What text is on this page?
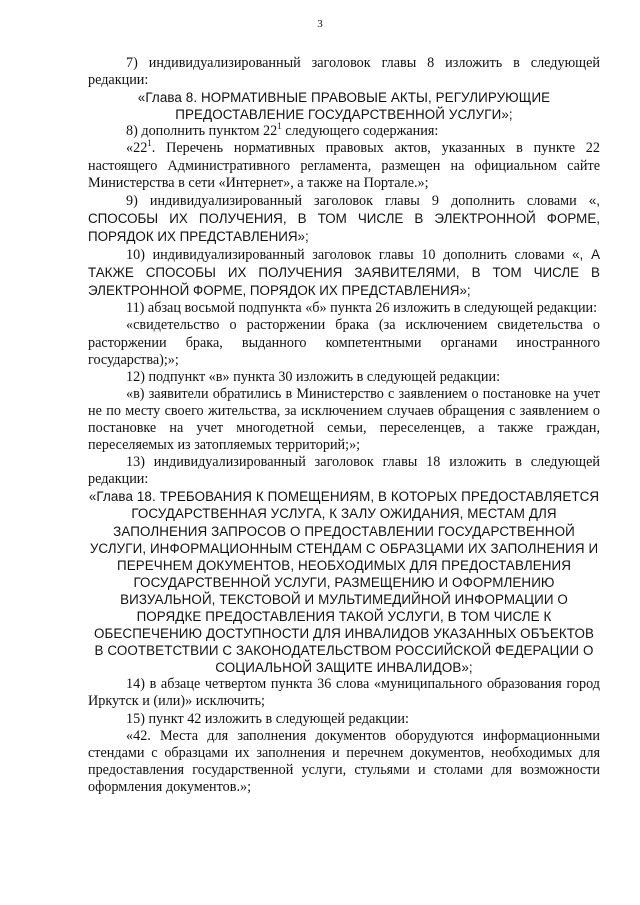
3

7) индивидуализированный заголовок главы 8 изложить в следующей редакции:

«Глава 8. НОРМАТИВНЫЕ ПРАВОВЫЕ АКТЫ, РЕГУЛИРУЮЩИЕ ПРЕДОСТАВЛЕНИЕ ГОСУДАРСТВЕННОЙ УСЛУГИ»;

8) дополнить пунктом $22^1$ следующего содержания:

«$22^1$. Перечень нормативных правовых актов, указанных в пункте 22 настоящего Административного регламента, размещен на официальном сайте Министерства в сети «Интернет», а также на Портале.»;

9) индивидуализированный заголовок главы 9 дополнить словами «, СПОСОБЫ ИХ ПОЛУЧЕНИЯ, В ТОМ ЧИСЛЕ В ЭЛЕКТРОННОЙ ФОРМЕ, ПОРЯДОК ИХ ПРЕДСТАВЛЕНИЯ»;

10) индивидуализированный заголовок главы 10 дополнить словами «, А ТАКЖЕ СПОСОБЫ ИХ ПОЛУЧЕНИЯ ЗАЯВИТЕЛЯМИ, В ТОМ ЧИСЛЕ В ЭЛЕКТРОННОЙ ФОРМЕ, ПОРЯДОК ИХ ПРЕДСТАВЛЕНИЯ»;

11) абзац восьмой подпункта «б» пункта 26 изложить в следующей редакции:

«свидетельство о расторжении брака (за исключением свидетельства о расторжении брака, выданного компетентными органами иностранного государства);»;

12) подпункт «в» пункта 30 изложить в следующей редакции:

«в) заявители обратились в Министерство с заявлением о постановке на учет не по месту своего жительства, за исключением случаев обращения с заявлением о постановке на учет многодетной семьи, переселенцев, а также граждан, переселяемых из затопляемых территорий;»;

13) индивидуализированный заголовок главы 18 изложить в следующей редакции:

«Глава 18. ТРЕБОВАНИЯ К ПОМЕЩЕНИЯМ, В КОТОРЫХ ПРЕДОСТАВЛЯЕТСЯ ГОСУДАРСТВЕННАЯ УСЛУГА, К ЗАЛУ ОЖИДАНИЯ, МЕСТАМ ДЛЯ ЗАПОЛНЕНИЯ ЗАПРОСОВ О ПРЕДОСТАВЛЕНИИ ГОСУДАРСТВЕННОЙ УСЛУГИ, ИНФОРМАЦИОННЫМ СТЕНДАМ С ОБРАЗЦАМИ ИХ ЗАПОЛНЕНИЯ И ПЕРЕЧНЕМ ДОКУМЕНТОВ, НЕОБХОДИМЫХ ДЛЯ ПРЕДОСТАВЛЕНИЯ ГОСУДАРСТВЕННОЙ УСЛУГИ, РАЗМЕЩЕНИЮ И ОФОРМЛЕНИЮ ВИЗУАЛЬНОЙ, ТЕКСТОВОЙ И МУЛЬТИМЕДИЙНОЙ ИНФОРМАЦИИ О ПОРЯДКЕ ПРЕДОСТАВЛЕНИЯ ТАКОЙ УСЛУГИ, В ТОМ ЧИСЛЕ К ОБЕСПЕЧЕНИЮ ДОСТУПНОСТИ ДЛЯ ИНВАЛИДОВ УКАЗАННЫХ ОБЪЕКТОВ В СООТВЕТСТВИИ С ЗАКОНОДАТЕЛЬСТВОМ РОССИЙСКОЙ ФЕДЕРАЦИИ О СОЦИАЛЬНОЙ ЗАЩИТЕ ИНВАЛИДОВ»;

14) в абзаце четвертом пункта 36 слова «муниципального образования город Иркутск и (или)» исключить;

15) пункт 42 изложить в следующей редакции:

«42. Места для заполнения документов оборудуются информационными стендами с образцами их заполнения и перечнем документов, необходимых для предоставления государственной услуги, стульями и столами для возможности оформления документов.»;
